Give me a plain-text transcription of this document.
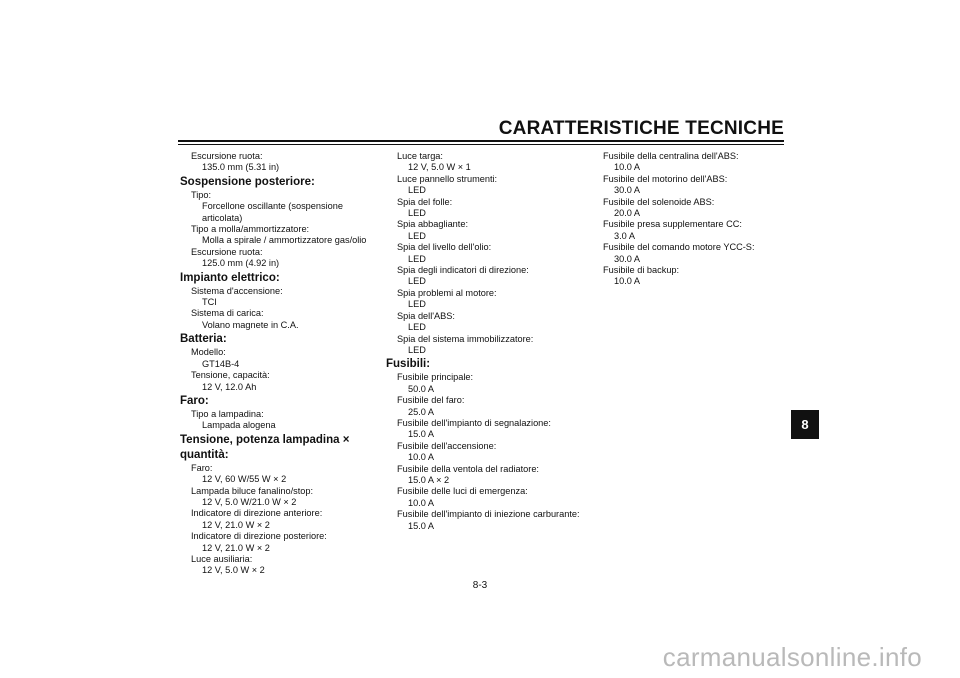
CARATTERISTICHE TECNICHE
Escursione ruota:
135.0 mm (5.31 in)
Sospensione posteriore:
Tipo:
Forcellone oscillante (sospensione
articolata)
Tipo a molla/ammortizzatore:
Molla a spirale / ammortizzatore gas/olio
Escursione ruota:
125.0 mm (4.92 in)
Impianto elettrico:
Sistema d'accensione:
TCI
Sistema di carica:
Volano magnete in C.A.
Batteria:
Modello:
GT14B-4
Tensione, capacità:
12 V, 12.0 Ah
Faro:
Tipo a lampadina:
Lampada alogena
Tensione, potenza lampadina × quantità:
Faro:
12 V, 60 W/55 W × 2
Lampada biluce fanalino/stop:
12 V, 5.0 W/21.0 W × 2
Indicatore di direzione anteriore:
12 V, 21.0 W × 2
Indicatore di direzione posteriore:
12 V, 21.0 W × 2
Luce ausiliaria:
12 V, 5.0 W × 2
Luce targa:
12 V, 5.0 W × 1
Luce pannello strumenti:
LED
Spia del folle:
LED
Spia abbagliante:
LED
Spia del livello dell'olio:
LED
Spia degli indicatori di direzione:
LED
Spia problemi al motore:
LED
Spia dell'ABS:
LED
Spia del sistema immobilizzatore:
LED
Fusibili:
Fusibile principale:
50.0 A
Fusibile del faro:
25.0 A
Fusibile dell'impianto di segnalazione:
15.0 A
Fusibile dell'accensione:
10.0 A
Fusibile della ventola del radiatore:
15.0 A × 2
Fusibile delle luci di emergenza:
10.0 A
Fusibile dell'impianto di iniezione carburante:
15.0 A
Fusibile della centralina dell'ABS:
10.0 A
Fusibile del motorino dell'ABS:
30.0 A
Fusibile del solenoide ABS:
20.0 A
Fusibile presa supplementare CC:
3.0 A
Fusibile del comando motore YCC-S:
30.0 A
Fusibile di backup:
10.0 A
8
8-3
carmanualsonline.info
